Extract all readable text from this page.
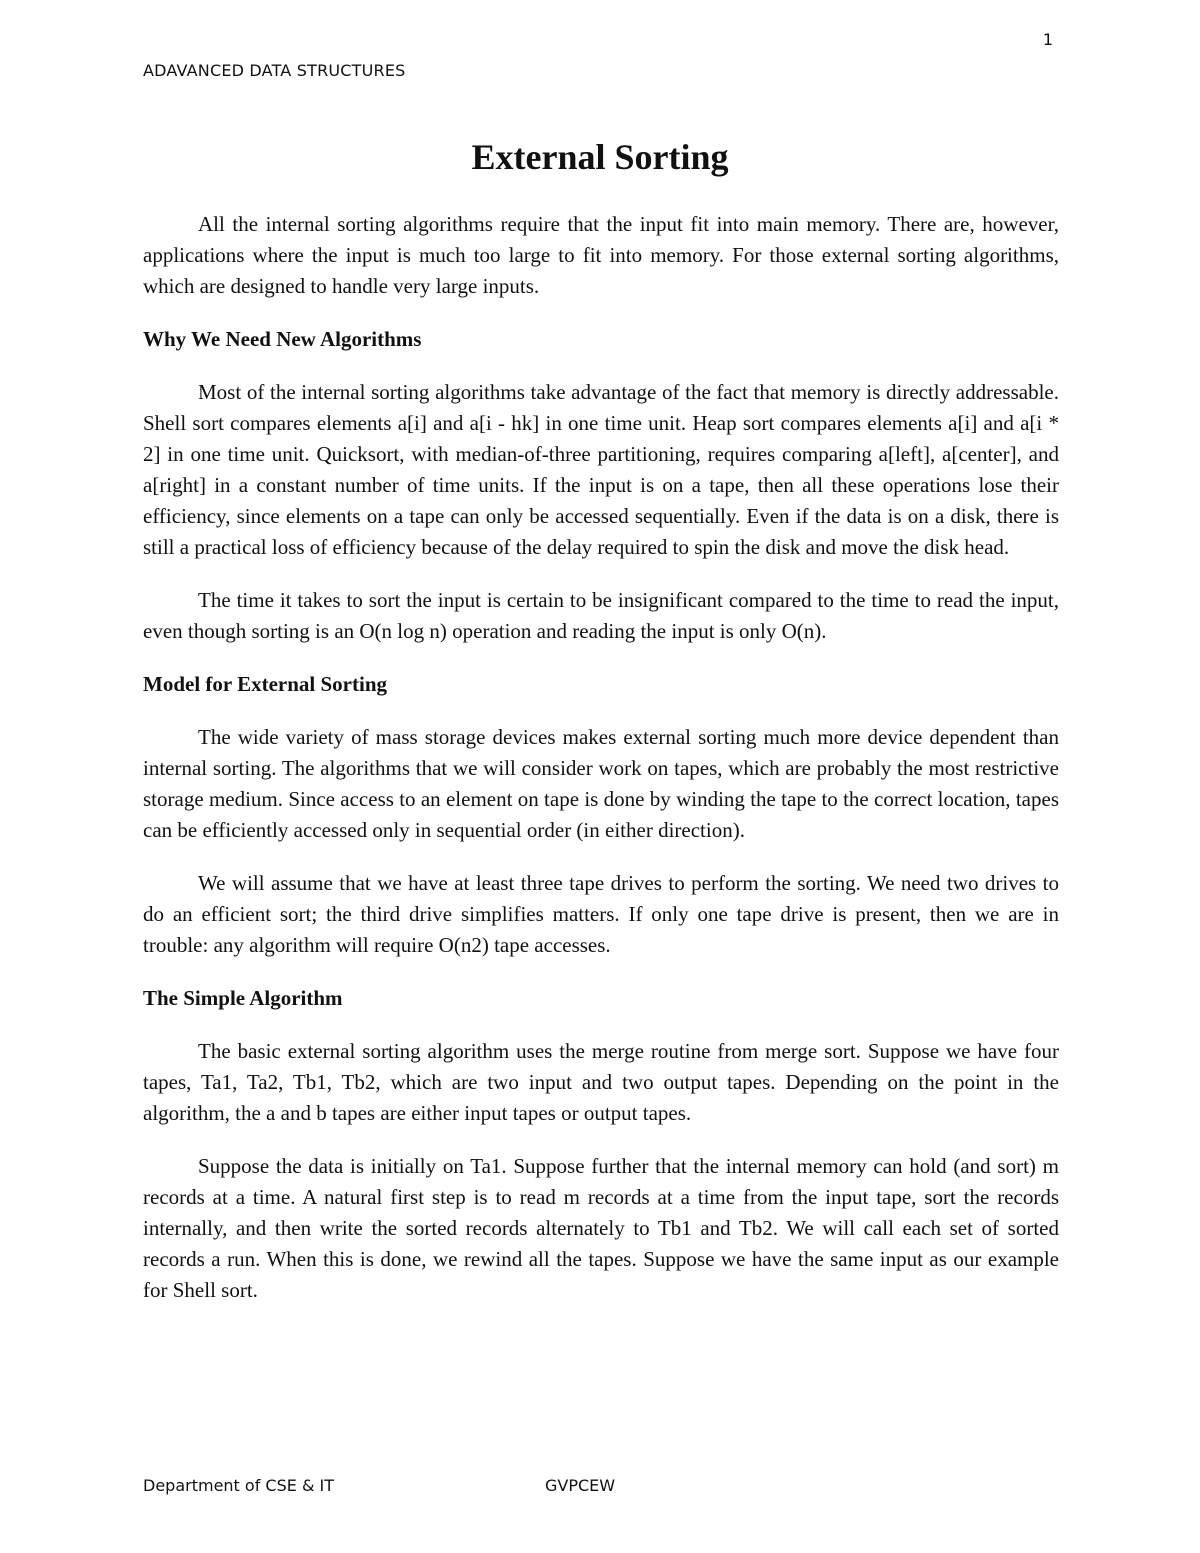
1
ADAVANCED DATA STRUCTURES
External Sorting

All the internal sorting algorithms require that the input fit into main memory. There are, however, applications where the input is much too large to fit into memory. For those external sorting algorithms, which are designed to handle very large inputs.

Why We Need New Algorithms

Most of the internal sorting algorithms take advantage of the fact that memory is directly addressable. Shell sort compares elements a[i] and a[i - hk] in one time unit. Heap sort compares elements a[i] and a[i * 2] in one time unit. Quicksort, with median-of-three partitioning, requires comparing a[left], a[center], and a[right] in a constant number of time units. If the input is on a tape, then all these operations lose their efficiency, since elements on a tape can only be accessed sequentially. Even if the data is on a disk, there is still a practical loss of efficiency because of the delay required to spin the disk and move the disk head.

The time it takes to sort the input is certain to be insignificant compared to the time to read the input, even though sorting is an O(n log n) operation and reading the input is only O(n).

Model for External Sorting

The wide variety of mass storage devices makes external sorting much more device dependent than internal sorting. The algorithms that we will consider work on tapes, which are probably the most restrictive storage medium. Since access to an element on tape is done by winding the tape to the correct location, tapes can be efficiently accessed only in sequential order (in either direction).

We will assume that we have at least three tape drives to perform the sorting. We need two drives to do an efficient sort; the third drive simplifies matters. If only one tape drive is present, then we are in trouble: any algorithm will require O(n2) tape accesses.

The Simple Algorithm

The basic external sorting algorithm uses the merge routine from merge sort. Suppose we have four tapes, Ta1, Ta2, Tb1, Tb2, which are two input and two output tapes. Depending on the point in the algorithm, the a and b tapes are either input tapes or output tapes.

Suppose the data is initially on Ta1. Suppose further that the internal memory can hold (and sort) m records at a time. A natural first step is to read m records at a time from the input tape, sort the records internally, and then write the sorted records alternately to Tb1 and Tb2. We will call each set of sorted records a run. When this is done, we rewind all the tapes. Suppose we have the same input as our example for Shell sort.

Department of CSE & IT	GVPCEW
